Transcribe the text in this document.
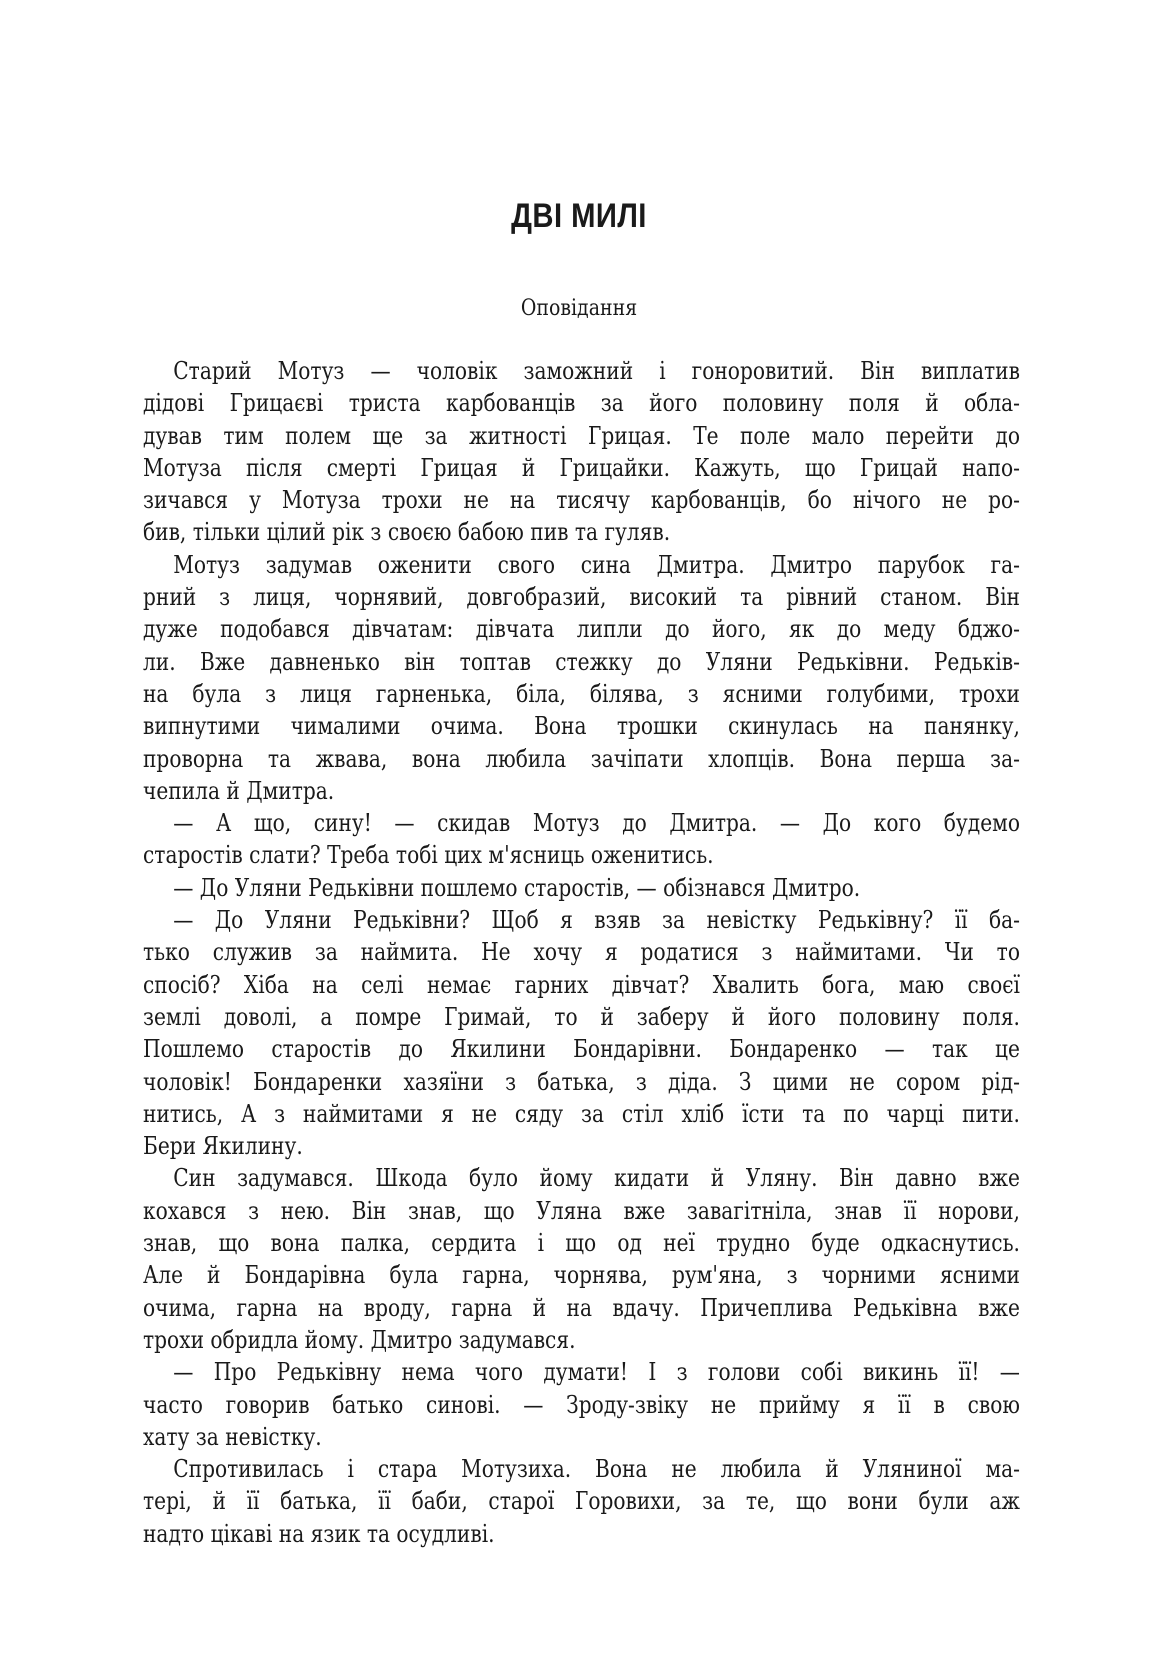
ДВІ МИЛІ
Оповідання
Старий Мотуз — чоловік заможний і гоноровитий. Він виплатив
дідові Грицаєві триста карбованців за його половину поля й обла-
дував тим полем ще за житності Грицая. Те поле мало перейти до
Мотуза після смерті Грицая й Грицайки. Кажуть, що Грицай напо-
зичався у Мотуза трохи не на тисячу карбованців, бо нічого не ро-
бив, тільки цілий рік з своєю бабою пив та гуляв.
Мотуз задумав оженити свого сина Дмитра. Дмитро парубок га-
рний з лиця, чорнявий, довгобразий, високий та рівний станом. Він
дуже подобався дівчатам: дівчата липли до його, як до меду бджо-
ли. Вже давненько він топтав стежку до Уляни Редьківни. Редьків-
на була з лиця гарненька, біла, білява, з ясними голубими, трохи
випнутими чималими очима. Вона трошки скинулась на панянку,
проворна та жвава, вона любила зачіпати хлопців. Вона перша за-
чепила й Дмитра.
— А що, сину! — скидав Мотуз до Дмитра. — До кого будемо
старостів слати? Треба тобі цих м'ясниць оженитись.
— До Уляни Редьківни пошлемо старостів, — обізнався Дмитро.
— До Уляни Редьківни? Щоб я взяв за невістку Редьківну? її ба-
тько служив за наймита. Не хочу я родатися з наймитами. Чи то
спосіб? Хіба на селі немає гарних дівчат? Хвалить бога, маю своєї
землі доволі, а помре Гримай, то й заберу й його половину поля.
Пошлемо старостів до Якилини Бондарівни. Бондаренко — так це
чоловік! Бондаренки хазяїни з батька, з діда. З цими не сором рід-
нитись, А з наймитами я не сяду за стіл хліб їсти та по чарці пити.
Бери Якилину.
Син задумався. Шкода було йому кидати й Уляну. Він давно вже
кохався з нею. Він знав, що Уляна вже завагітніла, знав її норови,
знав, що вона палка, сердита і що од неї трудно буде одкаснутись.
Але й Бондарівна була гарна, чорнява, рум'яна, з чорними ясними
очима, гарна на вроду, гарна й на вдачу. Причеплива Редьківна вже
трохи обридла йому. Дмитро задумався.
— Про Редьківну нема чого думати! І з голови собі викинь її! —
часто говорив батько синові. — Зроду-звіку не прийму я її в свою
хату за невістку.
Спротивилась і стара Мотузиха. Вона не любила й Уляниної ма-
тері, й її батька, її баби, старої Горовихи, за те, що вони були аж
надто цікаві на язик та осудливі.
